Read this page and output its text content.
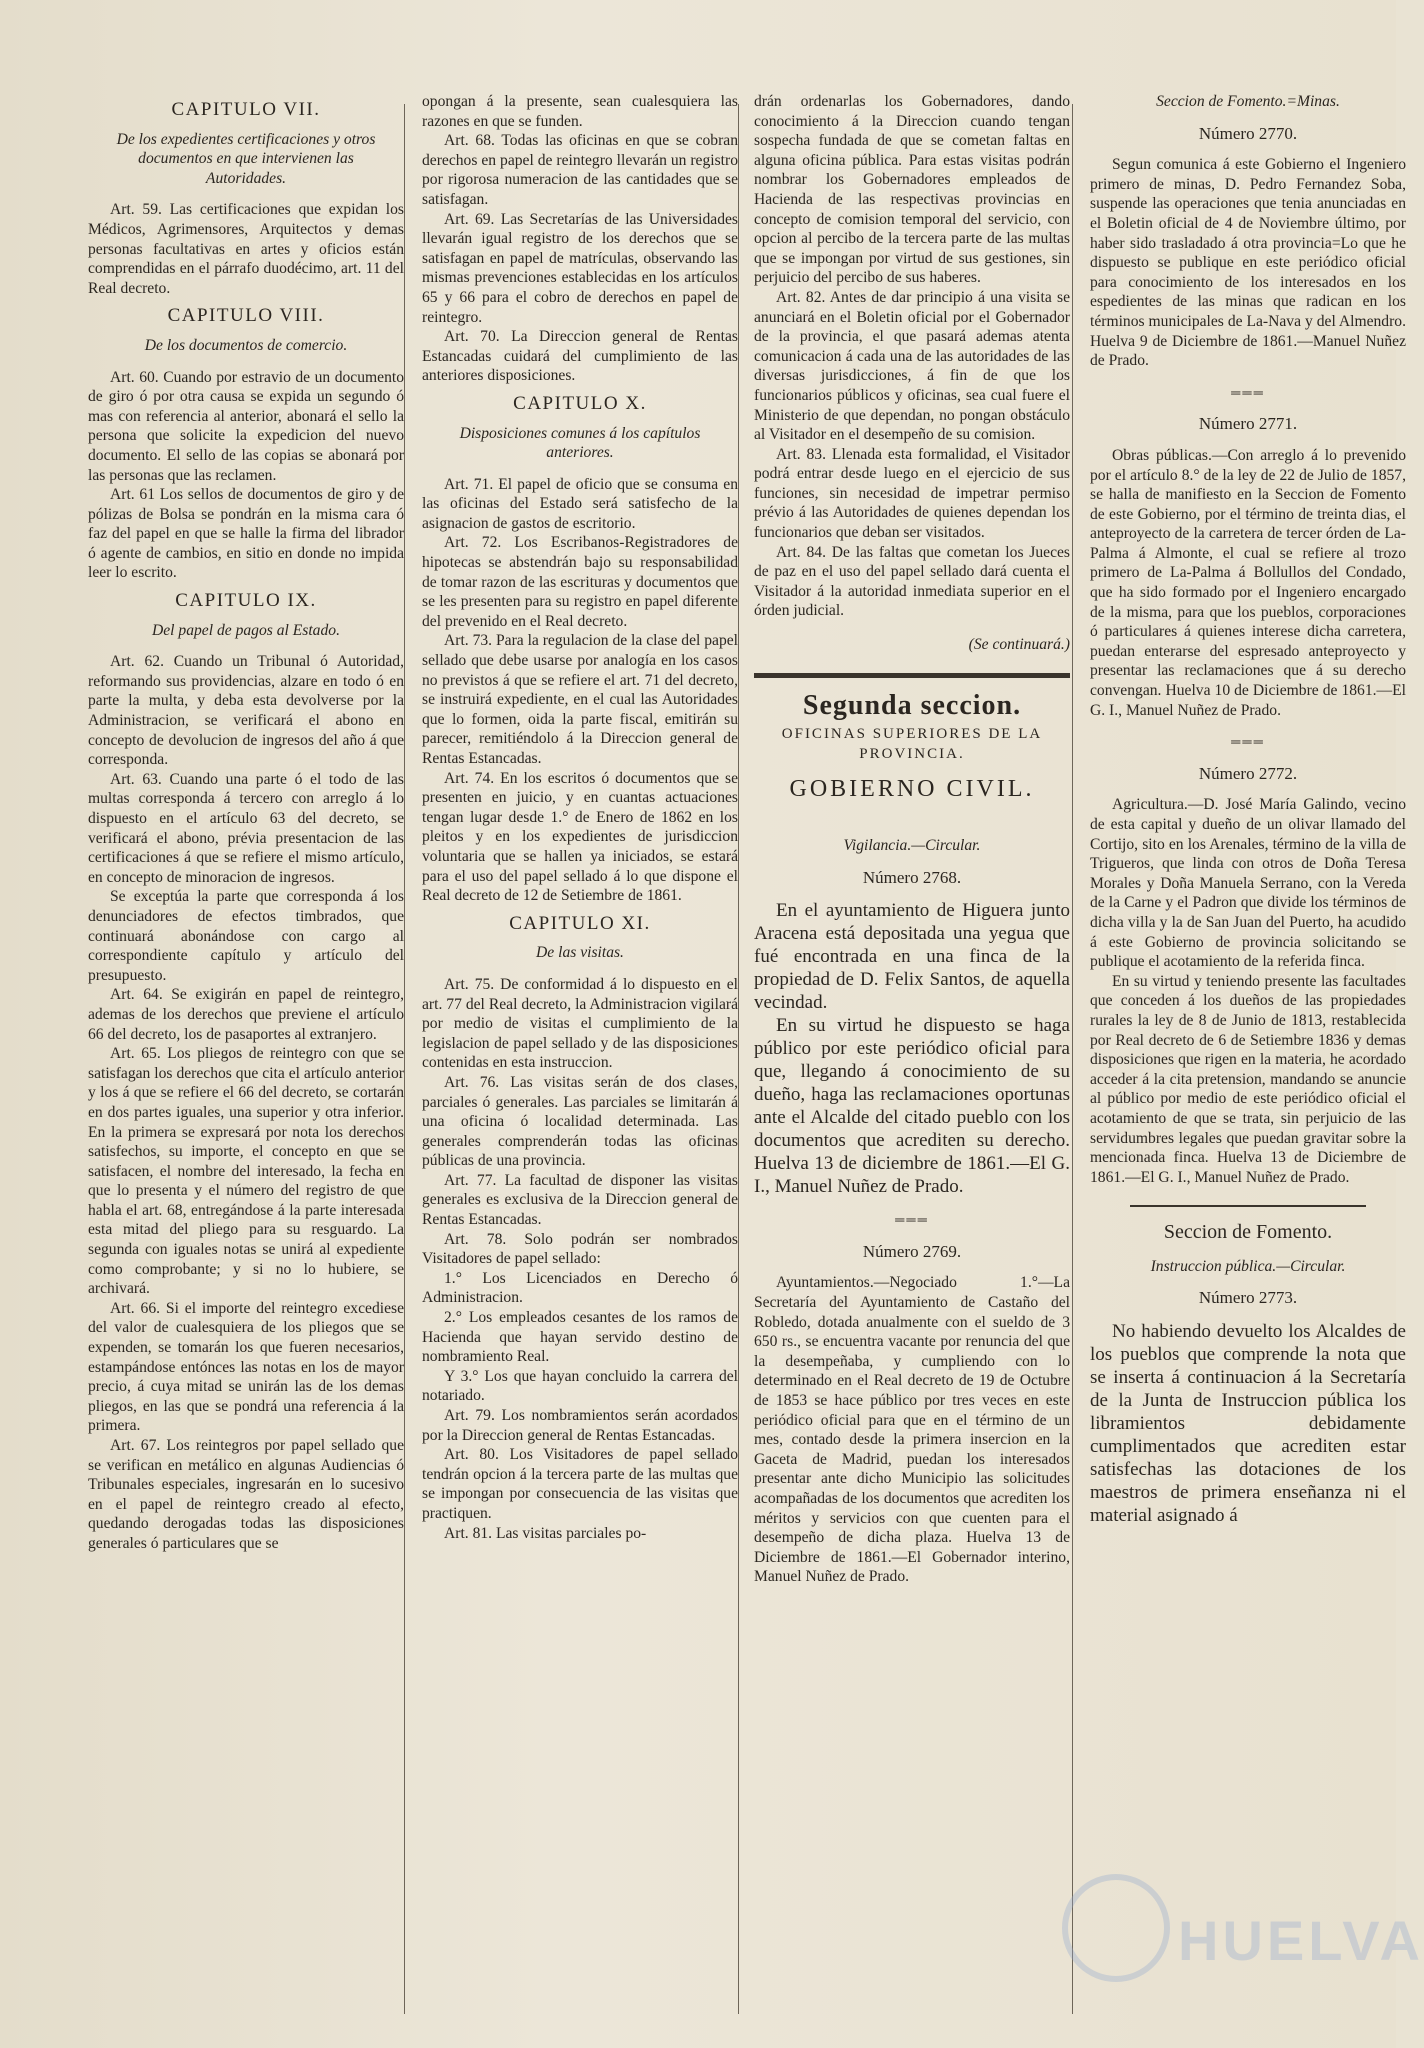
CAPITULO VII.
De los expedientes certificaciones y otros documentos en que intervienen las Autoridades.

Art. 59. Las certificaciones que expidan los Médicos, Agrimensores, Arquitectos y demas personas facultativas en artes y oficios están comprendidas en el párrafo duodécimo, art. 11 del Real decreto.

CAPITULO VIII.
De los documentos de comercio.

Art. 60. Cuando por estravio de un documento de giro ó por otra causa se expida un segundo ó mas con referencia al anterior, abonará el sello la persona que solicite la expedicion del nuevo documento. El sello de las copias se abonará por las personas que las reclamen.

Art. 61 Los sellos de documentos de giro y de pólizas de Bolsa se pondrán en la misma cara ó faz del papel en que se halle la firma del librador ó agente de cambios, en sitio en donde no impida leer lo escrito.

CAPITULO IX.
Del papel de pagos al Estado.

Art. 62. Cuando un Tribunal ó Autoridad, reformando sus providencias, alzare en todo ó en parte la multa, y deba esta devolverse por la Administracion, se verificará el abono en concepto de devolucion de ingresos del año á que corresponda.

Art. 63. Cuando una parte ó el todo de las multas corresponda á tercero con arreglo á lo dispuesto en el artículo 63 del decreto, se verificará el abono, prévia presentacion de las certificaciones á que se refiere el mismo artículo, en concepto de minoracion de ingresos.

Se exceptúa la parte que corresponda á los denunciadores de efectos timbrados, que continuará abonándose con cargo al correspondiente capítulo y artículo del presupuesto.

Art. 64. Se exigirán en papel de reintegro, ademas de los derechos que previene el artículo 66 del decreto, los de pasaportes al extranjero.

Art. 65. Los pliegos de reintegro con que se satisfagan los derechos que cita el artículo anterior y los á que se refiere el 66 del decreto, se cortarán en dos partes iguales, una superior y otra inferior. En la primera se expresará por nota los derechos satisfechos, su importe, el concepto en que se satisfacen, el nombre del interesado, la fecha en que lo presenta y el número del registro de que habla el art. 68, entregándose á la parte interesada esta mitad del pliego para su resguardo. La segunda con iguales notas se unirá al expediente como comprobante; y si no lo hubiere, se archivará.

Art. 66. Si el importe del reintegro excediese del valor de cualesquiera de los pliegos que se expenden, se tomarán los que fueren necesarios, estampándose entónces las notas en los de mayor precio, á cuya mitad se unirán las de los demas pliegos, en las que se pondrá una referencia á la primera.

Art. 67. Los reintegros por papel sellado que se verifican en metálico en algunas Audiencias ó Tribunales especiales, ingresarán en lo sucesivo en el papel de reintegro creado al efecto, quedando derogadas todas las disposiciones generales ó particulares que se

opongan á la presente, sean cualesquiera las razones en que se funden.

Art. 68. Todas las oficinas en que se cobran derechos en papel de reintegro llevarán un registro por rigorosa numeracion de las cantidades que se satisfagan.

Art. 69. Las Secretarías de las Universidades llevarán igual registro de los derechos que se satisfagan en papel de matrículas, observando las mismas prevenciones establecidas en los artículos 65 y 66 para el cobro de derechos en papel de reintegro.

Art. 70. La Direccion general de Rentas Estancadas cuidará del cumplimiento de las anteriores disposiciones.

CAPITULO X.
Disposiciones comunes á los capítulos anteriores.

Art. 71. El papel de oficio que se consuma en las oficinas del Estado será satisfecho de la asignacion de gastos de escritorio.

Art. 72. Los Escribanos-Registradores de hipotecas se abstendrán bajo su responsabilidad de tomar razon de las escrituras y documentos que se les presenten para su registro en papel diferente del prevenido en el Real decreto.

Art. 73. Para la regulacion de la clase del papel sellado que debe usarse por analogía en los casos no previstos á que se refiere el art. 71 del decreto, se instruirá expediente, en el cual las Autoridades que lo formen, oida la parte fiscal, emitirán su parecer, remitiéndolo á la Direccion general de Rentas Estancadas.

Art. 74. En los escritos ó documentos que se presenten en juicio, y en cuantas actuaciones tengan lugar desde 1.° de Enero de 1862 en los pleitos y en los expedientes de jurisdiccion voluntaria que se hallen ya iniciados, se estará para el uso del papel sellado á lo que dispone el Real decreto de 12 de Setiembre de 1861.

CAPITULO XI.
De las visitas.

Art. 75. De conformidad á lo dispuesto en el art. 77 del Real decreto, la Administracion vigilará por medio de visitas el cumplimiento de la legislacion de papel sellado y de las disposiciones contenidas en esta instruccion.

Art. 76. Las visitas serán de dos clases, parciales ó generales. Las parciales se limitarán á una oficina ó localidad determinada. Las generales comprenderán todas las oficinas públicas de una provincia.

Art. 77. La facultad de disponer las visitas generales es exclusiva de la Direccion general de Rentas Estancadas.

Art. 78. Solo podrán ser nombrados Visitadores de papel sellado:

1.° Los Licenciados en Derecho ó Administracion.

2.° Los empleados cesantes de los ramos de Hacienda que hayan servido destino de nombramiento Real.

Y 3.° Los que hayan concluido la carrera del notariado.

Art. 79. Los nombramientos serán acordados por la Direccion general de Rentas Estancadas.

Art. 80. Los Visitadores de papel sellado tendrán opcion á la tercera parte de las multas que se impongan por consecuencia de las visitas que practiquen.

Art. 81. Las visitas parciales po-

drán ordenarlas los Gobernadores, dando conocimiento á la Direccion cuando tengan sospecha fundada de que se cometan faltas en alguna oficina pública. Para estas visitas podrán nombrar los Gobernadores empleados de Hacienda de las respectivas provincias en concepto de comision temporal del servicio, con opcion al percibo de la tercera parte de las multas que se impongan por virtud de sus gestiones, sin perjuicio del percibo de sus haberes.

Art. 82. Antes de dar principio á una visita se anunciará en el Boletin oficial por el Gobernador de la provincia, el que pasará ademas atenta comunicacion á cada una de las autoridades de las diversas jurisdicciones, á fin de que los funcionarios públicos y oficinas, sea cual fuere el Ministerio de que dependan, no pongan obstáculo al Visitador en el desempeño de su comision.

Art. 83. Llenada esta formalidad, el Visitador podrá entrar desde luego en el ejercicio de sus funciones, sin necesidad de impetrar permiso prévio á las Autoridades de quienes dependan los funcionarios que deban ser visitados.

Art. 84. De las faltas que cometan los Jueces de paz en el uso del papel sellado dará cuenta el Visitador á la autoridad inmediata superior en el órden judicial.

(Se continuará.)
Segunda seccion.
OFICINAS SUPERIORES DE LA PROVINCIA.
GOBIERNO CIVIL.
Vigilancia.—Circular.
Número 2768.

En el ayuntamiento de Higuera junto Aracena está depositada una yegua que fué encontrada en una finca de la propiedad de D. Felix Santos, de aquella vecindad.

En su virtud he dispuesto se haga público por este periódico oficial para que, llegando á conocimiento de su dueño, haga las reclamaciones oportunas ante el Alcalde del citado pueblo con los documentos que acrediten su derecho. Huelva 13 de diciembre de 1861.—El G. I., Manuel Nuñez de Prado.

═══
Número 2769.

Ayuntamientos.—Negociado 1.°—La Secretaría del Ayuntamiento de Castaño del Robledo, dotada anualmente con el sueldo de 3 650 rs., se encuentra vacante por renuncia del que la desempeñaba, y cumpliendo con lo determinado en el Real decreto de 19 de Octubre de 1853 se hace público por tres veces en este periódico oficial para que en el término de un mes, contado desde la primera insercion en la Gaceta de Madrid, puedan los interesados presentar ante dicho Municipio las solicitudes acompañadas de los documentos que acrediten los méritos y servicios con que cuenten para el desempeño de dicha plaza. Huelva 13 de Diciembre de 1861.—El Gobernador interino, Manuel Nuñez de Prado.

Seccion de Fomento.=Minas.
Número 2770.

Segun comunica á este Gobierno el Ingeniero primero de minas, D. Pedro Fernandez Soba, suspende las operaciones que tenia anunciadas en el Boletin oficial de 4 de Noviembre último, por haber sido trasladado á otra provincia=Lo que he dispuesto se publique en este periódico oficial para conocimiento de los interesados en los espedientes de las minas que radican en los términos municipales de La-Nava y del Almendro. Huelva 9 de Diciembre de 1861.—Manuel Nuñez de Prado.

═══
Número 2771.

Obras públicas.—Con arreglo á lo prevenido por el artículo 8.° de la ley de 22 de Julio de 1857, se halla de manifiesto en la Seccion de Fomento de este Gobierno, por el término de treinta dias, el anteproyecto de la carretera de tercer órden de La-Palma á Almonte, el cual se refiere al trozo primero de La-Palma á Bollullos del Condado, que ha sido formado por el Ingeniero encargado de la misma, para que los pueblos, corporaciones ó particulares á quienes interese dicha carretera, puedan enterarse del espresado anteproyecto y presentar las reclamaciones que á su derecho convengan. Huelva 10 de Diciembre de 1861.—El G. I., Manuel Nuñez de Prado.

═══
Número 2772.

Agricultura.—D. José María Galindo, vecino de esta capital y dueño de un olivar llamado del Cortijo, sito en los Arenales, término de la villa de Trigueros, que linda con otros de Doña Teresa Morales y Doña Manuela Serrano, con la Vereda de la Carne y el Padron que divide los términos de dicha villa y la de San Juan del Puerto, ha acudido á este Gobierno de provincia solicitando se publique el acotamiento de la referida finca.

En su virtud y teniendo presente las facultades que conceden á los dueños de las propiedades rurales la ley de 8 de Junio de 1813, restablecida por Real decreto de 6 de Setiembre 1836 y demas disposiciones que rigen en la materia, he acordado acceder á la cita pretension, mandando se anuncie al público por medio de este periódico oficial el acotamiento de que se trata, sin perjuicio de las servidumbres legales que puedan gravitar sobre la mencionada finca. Huelva 13 de Diciembre de 1861.—El G. I., Manuel Nuñez de Prado.

Seccion de Fomento.
Instruccion pública.—Circular.
Número 2773.

No habiendo devuelto los Alcaldes de los pueblos que comprende la nota que se inserta á continuacion á la Secretaría de la Junta de Instruccion pública los libramientos debidamente cumplimentados que acrediten estar satisfechas las dotaciones de los maestros de primera enseñanza ni el material asignado á

HUELVA
